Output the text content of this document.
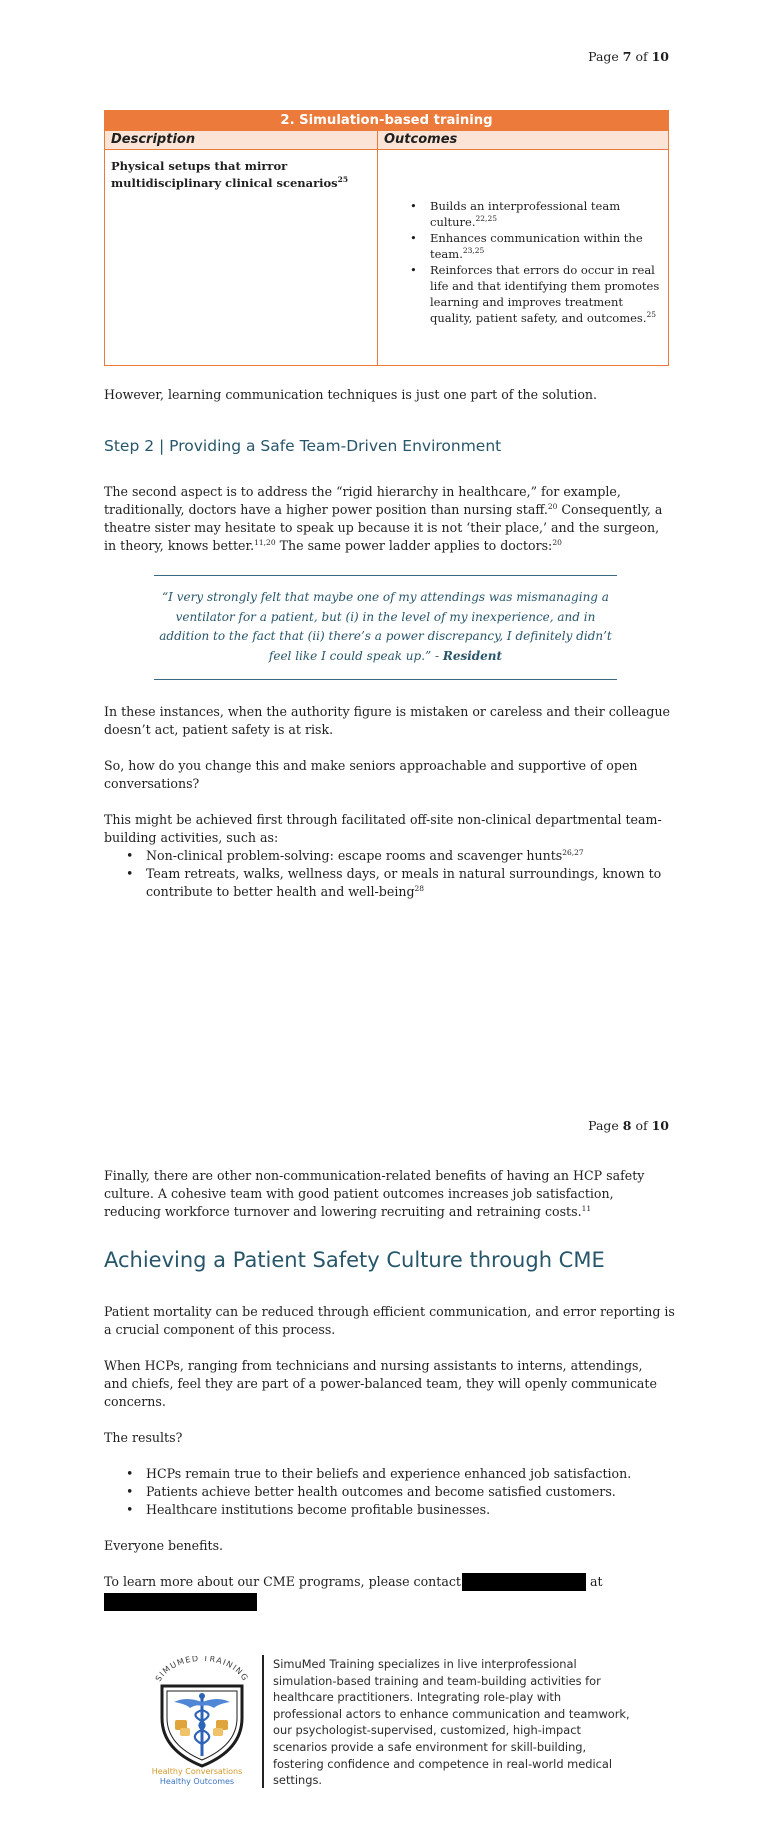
Page 7 of 10
2. Simulation-based training
Description	Outcomes
Physical setups that mirror multidisciplinary clinical scenarios$^{25}$
• Builds an interprofessional team culture.$^{22,25}$
• Enhances communication within the team.$^{23,25}$
• Reinforces that errors do occur in real life and that identifying them promotes learning and improves treatment quality, patient safety, and outcomes.$^{25}$

However, learning communication techniques is just one part of the solution.

Step 2 | Providing a Safe Team-Driven Environment

The second aspect is to address the “rigid hierarchy in healthcare,” for example, traditionally, doctors have a higher power position than nursing staff.$^{20}$ Consequently, a theatre sister may hesitate to speak up because it is not ‘their place,’ and the surgeon, in theory, knows better.$^{11,20}$ The same power ladder applies to doctors:$^{20}$

“I very strongly felt that maybe one of my attendings was mismanaging a ventilator for a patient, but (i) in the level of my inexperience, and in addition to the fact that (ii) there’s a power discrepancy, I definitely didn’t feel like I could speak up.” - Resident

In these instances, when the authority figure is mistaken or careless and their colleague doesn’t act, patient safety is at risk.

So, how do you change this and make seniors approachable and supportive of open conversations?

This might be achieved first through facilitated off-site non-clinical departmental team-building activities, such as:

• Non-clinical problem-solving: escape rooms and scavenger hunts$^{26,27}$
• Team retreats, walks, wellness days, or meals in natural surroundings, known to contribute to better health and well-being$^{28}$
Page 8 of 10

Finally, there are other non-communication-related benefits of having an HCP safety culture. A cohesive team with good patient outcomes increases job satisfaction, reducing workforce turnover and lowering recruiting and retraining costs.$^{11}$

Achieving a Patient Safety Culture through CME

Patient mortality can be reduced through efficient communication, and error reporting is a crucial component of this process.

When HCPs, ranging from technicians and nursing assistants to interns, attendings, and chiefs, feel they are part of a power-balanced team, they will openly communicate concerns.

The results?

• HCPs remain true to their beliefs and experience enhanced job satisfaction.
• Patients achieve better health outcomes and become satisfied customers.
• Healthcare institutions become profitable businesses.

Everyone benefits.

To learn more about our CME programs, please contact	at

SIMUMED TRAINING
Healthy Conversations
Healthy Outcomes
SimuMed Training specializes in live interprofessional simulation-based training and team-building activities for healthcare practitioners. Integrating role-play with professional actors to enhance communication and teamwork, our psychologist-supervised, customized, high-impact scenarios provide a safe environment for skill-building, fostering confidence and competence in real-world medical settings.
